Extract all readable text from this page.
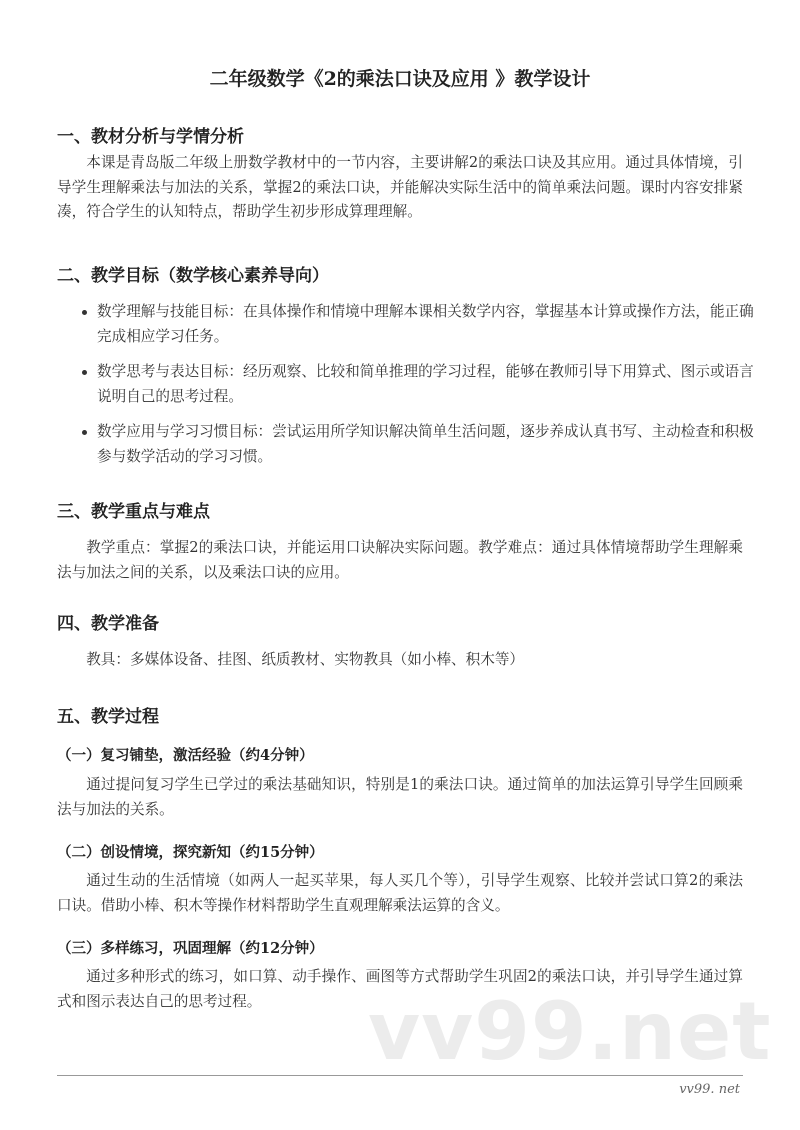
二年级数学《2的乘法口诀及应用 》教学设计
一、教材分析与学情分析
本课是青岛版二年级上册数学教材中的一节内容，主要讲解2的乘法口诀及其应用。通过具体情境，引导学生理解乘法与加法的关系，掌握2的乘法口诀，并能解决实际生活中的简单乘法问题。课时内容安排紧凑，符合学生的认知特点，帮助学生初步形成算理理解。
二、教学目标（数学核心素养导向）
数学理解与技能目标：在具体操作和情境中理解本课相关数学内容，掌握基本计算或操作方法，能正确完成相应学习任务。
数学思考与表达目标：经历观察、比较和简单推理的学习过程，能够在教师引导下用算式、图示或语言说明自己的思考过程。
数学应用与学习习惯目标：尝试运用所学知识解决简单生活问题，逐步养成认真书写、主动检查和积极参与数学活动的学习习惯。
三、教学重点与难点
教学重点：掌握2的乘法口诀，并能运用口诀解决实际问题。教学难点：通过具体情境帮助学生理解乘法与加法之间的关系，以及乘法口诀的应用。
四、教学准备
教具：多媒体设备、挂图、纸质教材、实物教具（如小棒、积木等）
五、教学过程
（一）复习铺垫，激活经验（约4分钟）
通过提问复习学生已学过的乘法基础知识，特别是1的乘法口诀。通过简单的加法运算引导学生回顾乘法与加法的关系。
（二）创设情境，探究新知（约15分钟）
通过生动的生活情境（如两人一起买苹果，每人买几个等），引导学生观察、比较并尝试口算2的乘法口诀。借助小棒、积木等操作材料帮助学生直观理解乘法运算的含义。
（三）多样练习，巩固理解（约12分钟）
通过多种形式的练习，如口算、动手操作、画图等方式帮助学生巩固2的乘法口诀，并引导学生通过算式和图示表达自己的思考过程。	vv99.net
vv99. net
